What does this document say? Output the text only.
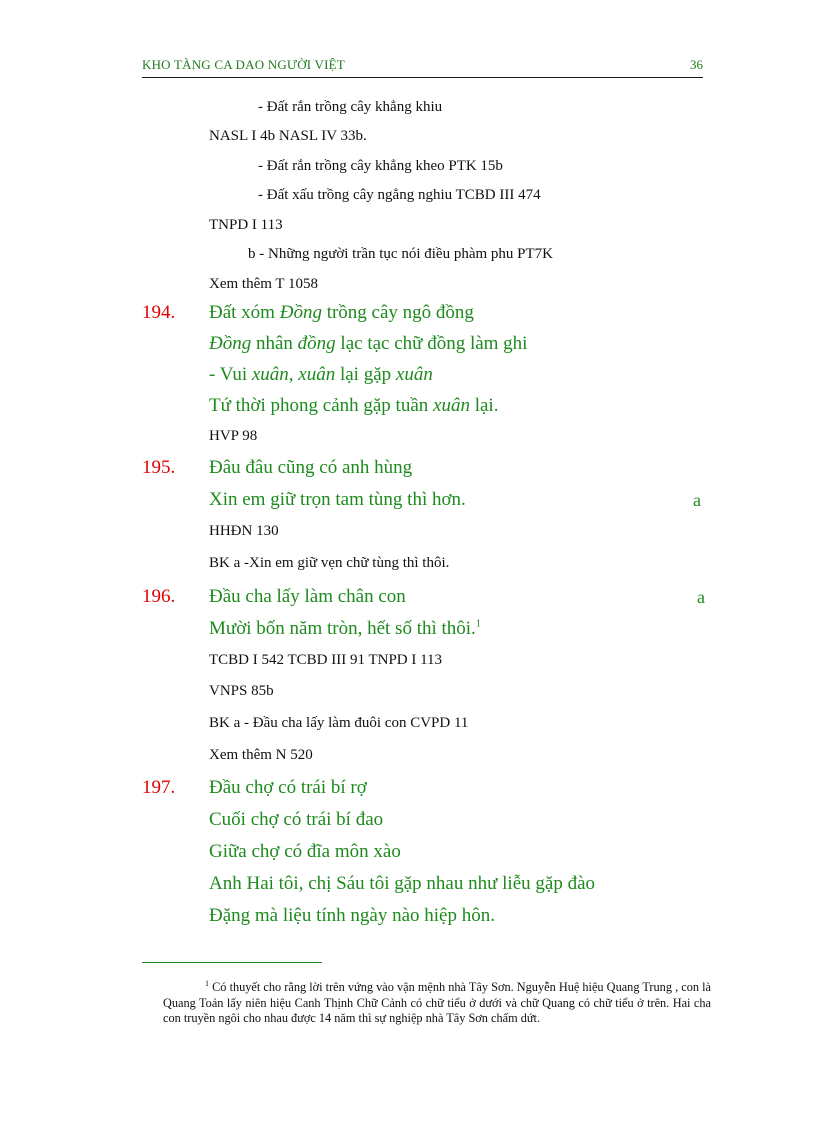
KHO TÀNG CA DAO NGƯỜI VIỆT	36
- Đất rắn trồng cây khẳng khiu
NASL I 4b NASL IV 33b.
- Đất rắn trồng cây khẳng kheo PTK 15b
- Đất xấu trồng cây ngẳng nghiu TCBD III 474
TNPD I 113
b - Những người trần tục nói điều phàm phu PT7K
Xem thêm T 1058
194. Đất xóm Đồng trồng cây ngô đồng
Đồng nhân đồng lạc tạc chữ đồng làm ghi
- Vui xuân, xuân lại gặp xuân
Tứ thời phong cảnh gặp tuần xuân lại.
HVP 98
195. Đâu đâu cũng có anh hùng
Xin em giữ trọn tam tùng thì hơn.	a
HHĐN 130
BK a -Xin em giữ vẹn chữ tùng thì thôi.
196. Đầu cha lấy làm chân con	a
Mười bốn năm tròn, hết số thì thôi.$^1$
TCBD I 542 TCBD III 91 TNPD I 113
VNPS 85b
BK a - Đầu cha lấy làm đuôi con CVPD 11
Xem thêm N 520
197. Đầu chợ có trái bí rợ
Cuối chợ có trái bí đao
Giữa chợ có đĩa môn xào
Anh Hai tôi, chị Sáu tôi gặp nhau như liễu gặp đào
Đặng mà liệu tính ngày nào hiệp hôn.
$^1$ Có thuyết cho rằng lời trên vứng vào vận mệnh nhà Tây Sơn. Nguyễn Huệ hiệu Quang Trung , con là Quang Toản lấy niên hiệu Canh Thịnh Chữ Cảnh có chữ tiểu ở dưới và chữ Quang có chữ tiểu ở trên. Hai cha con truyền ngôi cho nhau được 14 năm thì sự nghiệp nhà Tây Sơn chấm dứt.
